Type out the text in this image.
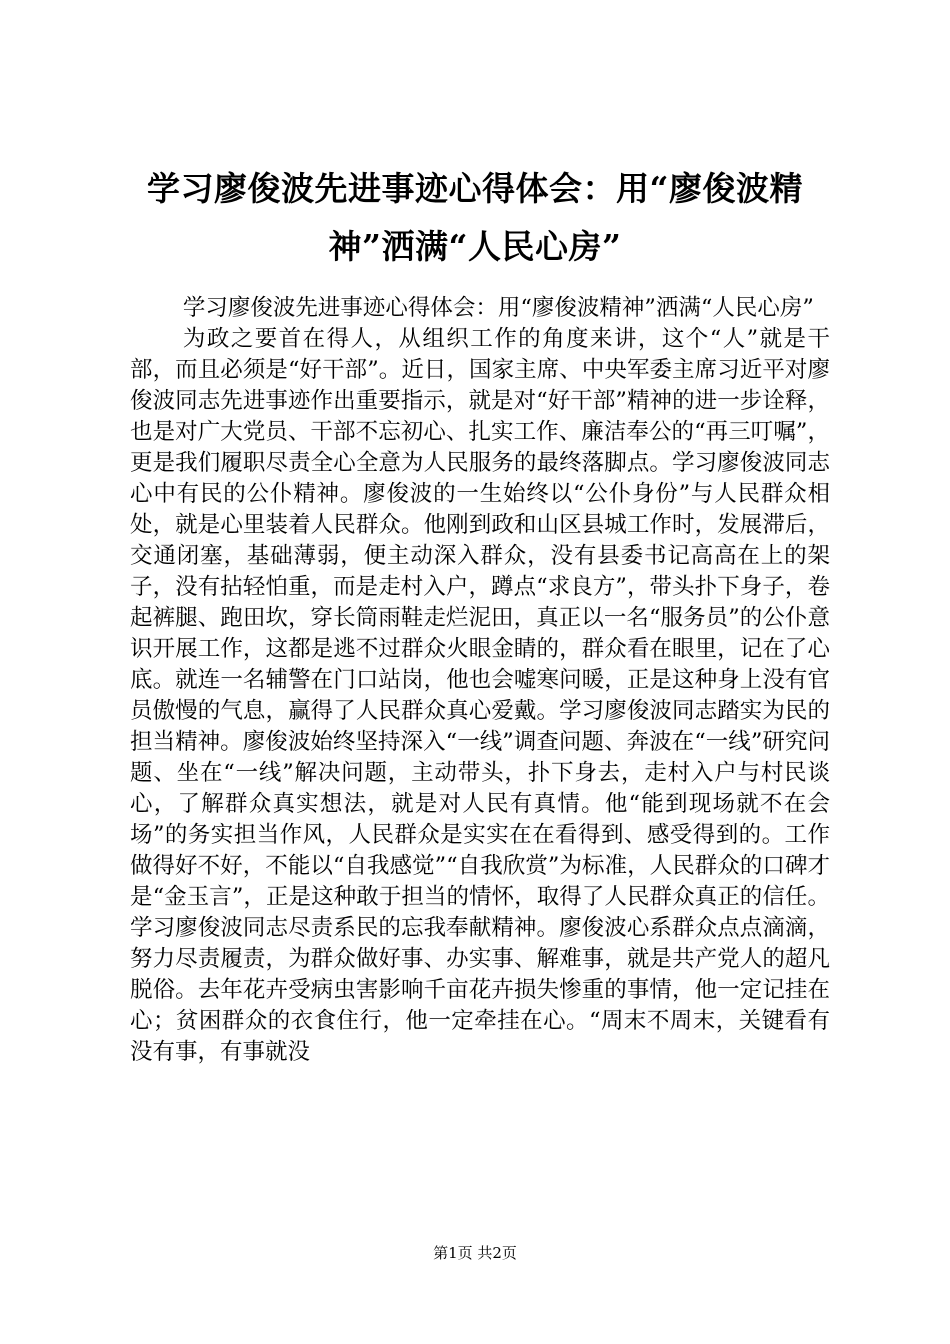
学习廖俊波先进事迹心得体会：用“廖俊波精神”洒满“人民心房”

学习廖俊波先进事迹心得体会：用“廖俊波精神”洒满“人民心房”

为政之要首在得人，从组织工作的角度来讲，这个“人”就是干部，而且必须是“好干部”。近日，国家主席、中央军委主席习近平对廖俊波同志先进事迹作出重要指示，就是对“好干部”精神的进一步诠释，也是对广大党员、干部不忘初心、扎实工作、廉洁奉公的“再三叮嘱”，更是我们履职尽责全心全意为人民服务的最终落脚点。学习廖俊波同志心中有民的公仆精神。廖俊波的一生始终以“公仆身份”与人民群众相处，就是心里装着人民群众。他刚到政和山区县城工作时，发展滞后，交通闭塞，基础薄弱，便主动深入群众，没有县委书记高高在上的架子，没有拈轻怕重，而是走村入户，蹲点“求良方”，带头扑下身子，卷起裤腿、跑田坎，穿长筒雨鞋走烂泥田，真正以一名“服务员”的公仆意识开展工作，这都是逃不过群众火眼金睛的，群众看在眼里，记在了心底。就连一名辅警在门口站岗，他也会嘘寒问暖，正是这种身上没有官员傲慢的气息，赢得了人民群众真心爱戴。学习廖俊波同志踏实为民的担当精神。廖俊波始终坚持深入“一线”调查问题、奔波在“一线”研究问题、坐在“一线”解决问题，主动带头，扑下身去，走村入户与村民谈心，了解群众真实想法，就是对人民有真情。他“能到现场就不在会场”的务实担当作风，人民群众是实实在在看得到、感受得到的。工作做得好不好，不能以“自我感觉”“自我欣赏”为标准，人民群众的口碑才是“金玉言”，正是这种敢于担当的情怀，取得了人民群众真正的信任。学习廖俊波同志尽责系民的忘我奉献精神。廖俊波心系群众点点滴滴，努力尽责履责，为群众做好事、办实事、解难事，就是共产党人的超凡脱俗。去年花卉受病虫害影响千亩花卉损失惨重的事情，他一定记挂在心；贫困群众的衣食住行，他一定牵挂在心。“周末不周末，关键看有没有事，有事就没

第1页 共2页
